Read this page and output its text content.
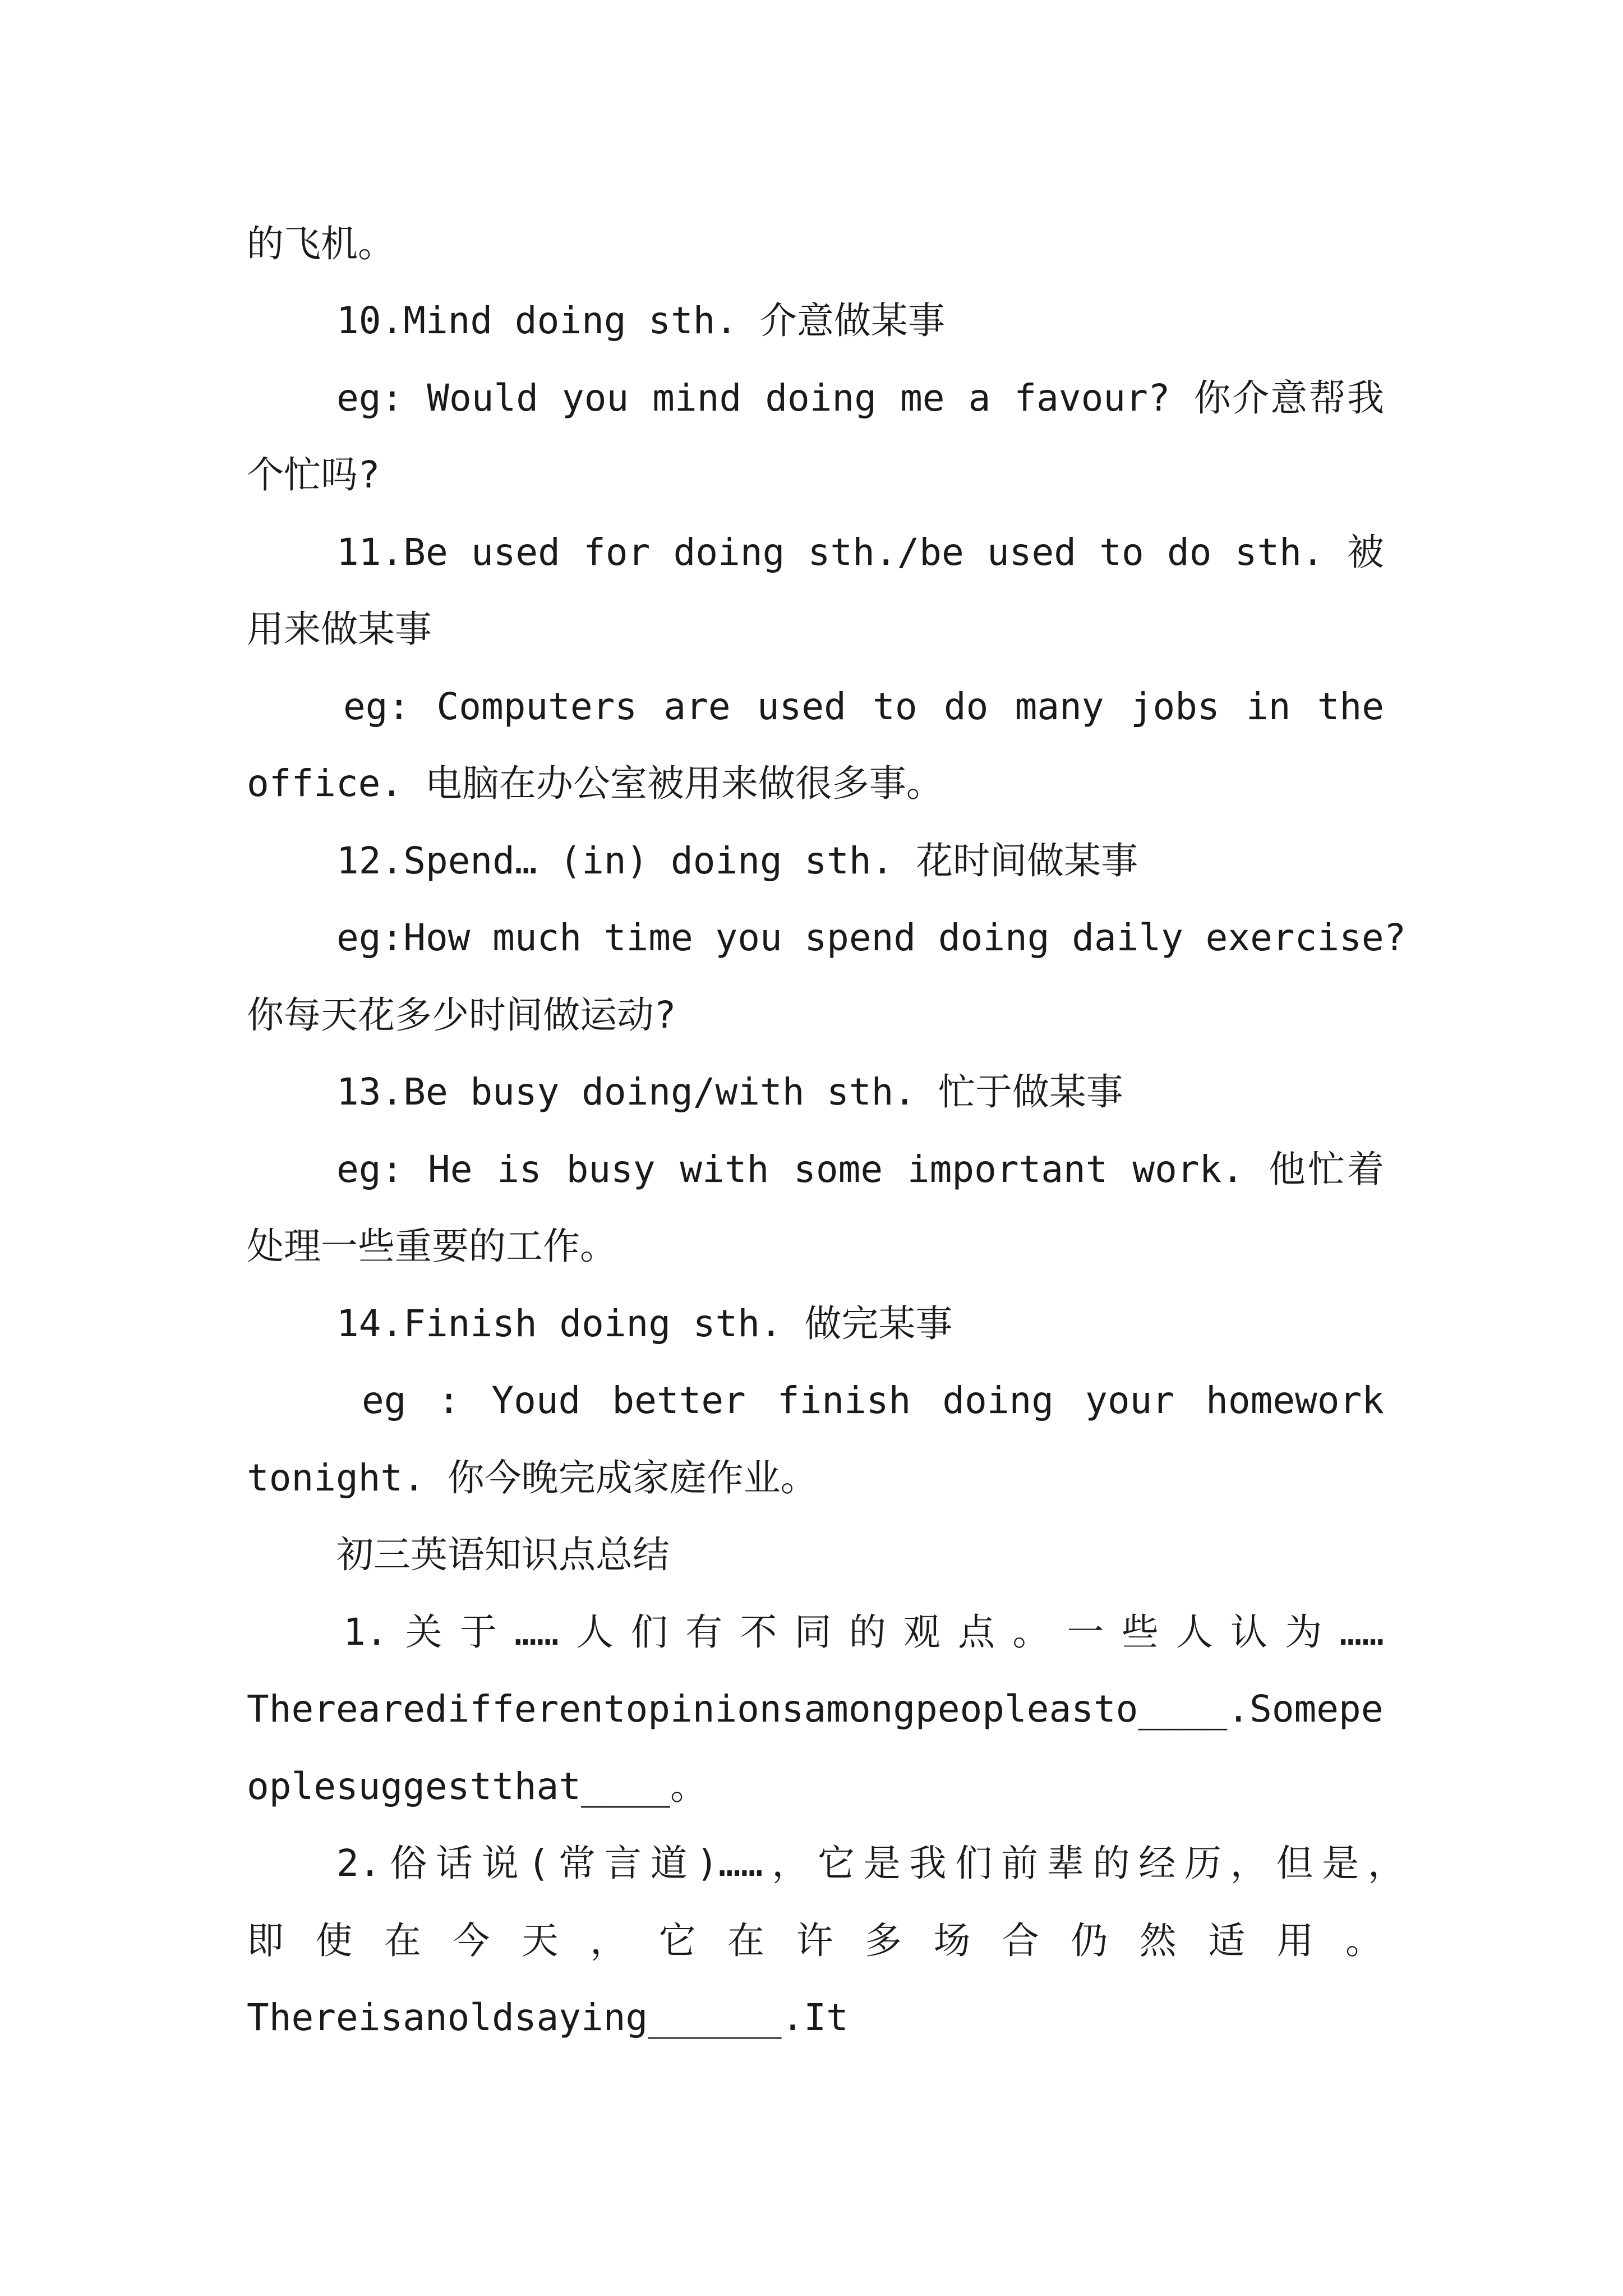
的飞机。
10.Mind doing sth. 介意做某事
eg: Would you mind doing me a favour? 你介意帮我
个忙吗?
11.Be used for doing sth./be used to do sth. 被
用来做某事
eg: Computers are used to do many jobs in the
office. 电脑在办公室被用来做很多事。
12.Spend… (in) doing sth. 花时间做某事
eg:How much time you spend doing daily exercise?
你每天花多少时间做运动?
13.Be busy doing/with sth. 忙于做某事
eg: He is busy with some important work. 他忙着
处理一些重要的工作。
14.Finish doing sth. 做完某事
eg : Youd better finish doing your homework
tonight. 你今晚完成家庭作业。
初三英语知识点总结
1.关于……人们有不同的观点。一些人认为……
Therearedifferentopinionsamongpeopleasto____.Somepe
oplesuggestthat____。
2.俗话说(常言道)……，它是我们前辈的经历，但是，
即 使 在 今 天 ， 它 在 许 多 场 合 仍 然 适 用 。
Thereisanoldsaying______.It
